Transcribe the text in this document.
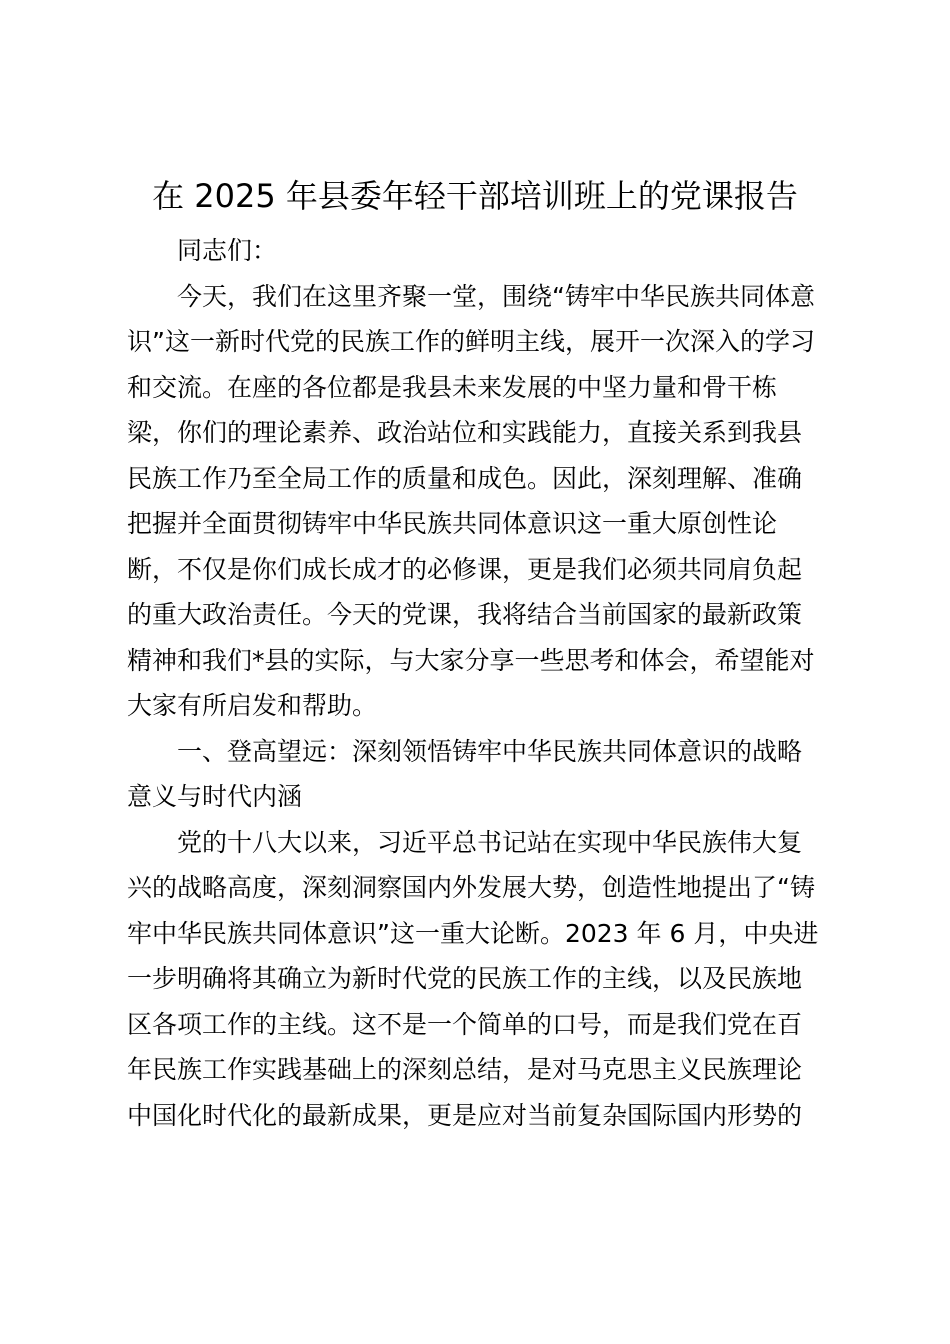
在 2025 年县委年轻干部培训班上的党课报告

同志们：

今天，我们在这里齐聚一堂，围绕“铸牢中华民族共同体意

识”这一新时代党的民族工作的鲜明主线，展开一次深入的学习

和交流。在座的各位都是我县未来发展的中坚力量和骨干栋

梁，你们的理论素养、政治站位和实践能力，直接关系到我县

民族工作乃至全局工作的质量和成色。因此，深刻理解、准确

把握并全面贯彻铸牢中华民族共同体意识这一重大原创性论

断，不仅是你们成长成才的必修课，更是我们必须共同肩负起

的重大政治责任。今天的党课，我将结合当前国家的最新政策

精神和我们*县的实际，与大家分享一些思考和体会，希望能对

大家有所启发和帮助。

一、登高望远：深刻领悟铸牢中华民族共同体意识的战略

意义与时代内涵

党的十八大以来，习近平总书记站在实现中华民族伟大复

兴的战略高度，深刻洞察国内外发展大势，创造性地提出了“铸

牢中华民族共同体意识”这一重大论断。2023 年 6 月，中央进

一步明确将其确立为新时代党的民族工作的主线，以及民族地

区各项工作的主线。这不是一个简单的口号，而是我们党在百

年民族工作实践基础上的深刻总结，是对马克思主义民族理论

中国化时代化的最新成果，更是应对当前复杂国际国内形势的
